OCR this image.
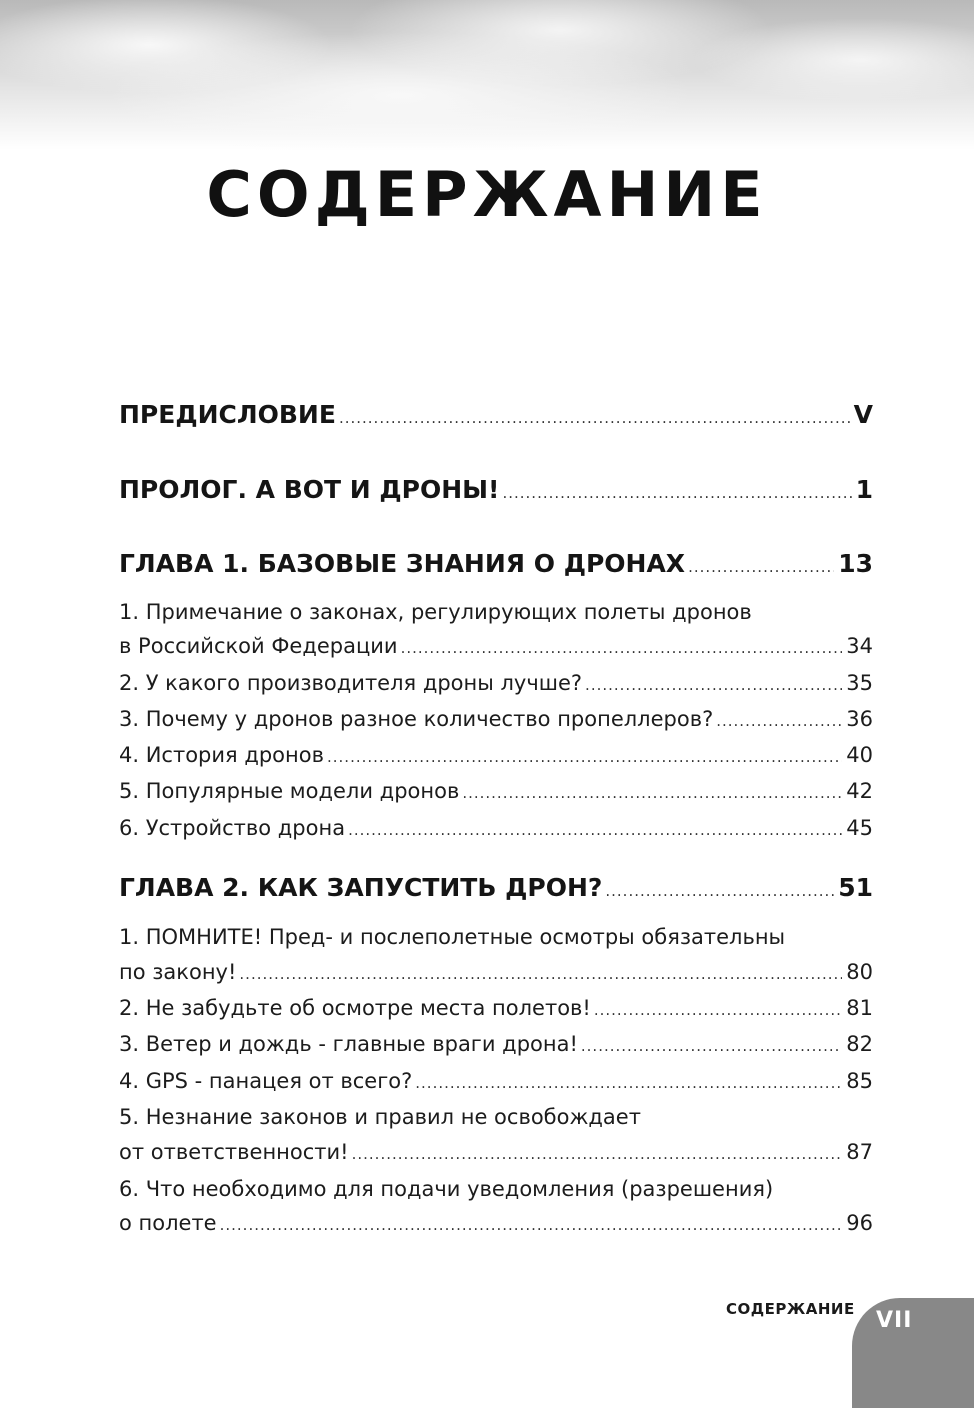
СОДЕРЖАНИЕ
ПРЕДИСЛОВИЕ .....	V
ПРОЛОГ. А ВОТ И ДРОНЫ! .....	1
ГЛАВА 1. БАЗОВЫЕ ЗНАНИЯ О ДРОНАХ .....	13
1. Примечание о законах, регулирующих полеты дронов
в Российской Федерации .....	34
2. У какого производителя дроны лучше? .....	35
3. Почему у дронов разное количество пропеллеров? .....	36
4. История дронов .....	40
5. Популярные модели дронов .....	42
6. Устройство дрона .....	45
ГЛАВА 2. КАК ЗАПУСТИТЬ ДРОН? .....	51
1. ПОМНИТЕ! Пред- и послеполетные осмотры обязательны
по закону! .....	80
2. Не забудьте об осмотре места полетов! .....	81
3. Ветер и дождь - главные враги дрона! .....	82
4. GPS - панацея от всего? .....	85
5. Незнание законов и правил не освобождает
от ответственности! .....	87
6. Что необходимо для подачи уведомления (разрешения)
о полете .....	96
СОДЕРЖАНИЕ VII
